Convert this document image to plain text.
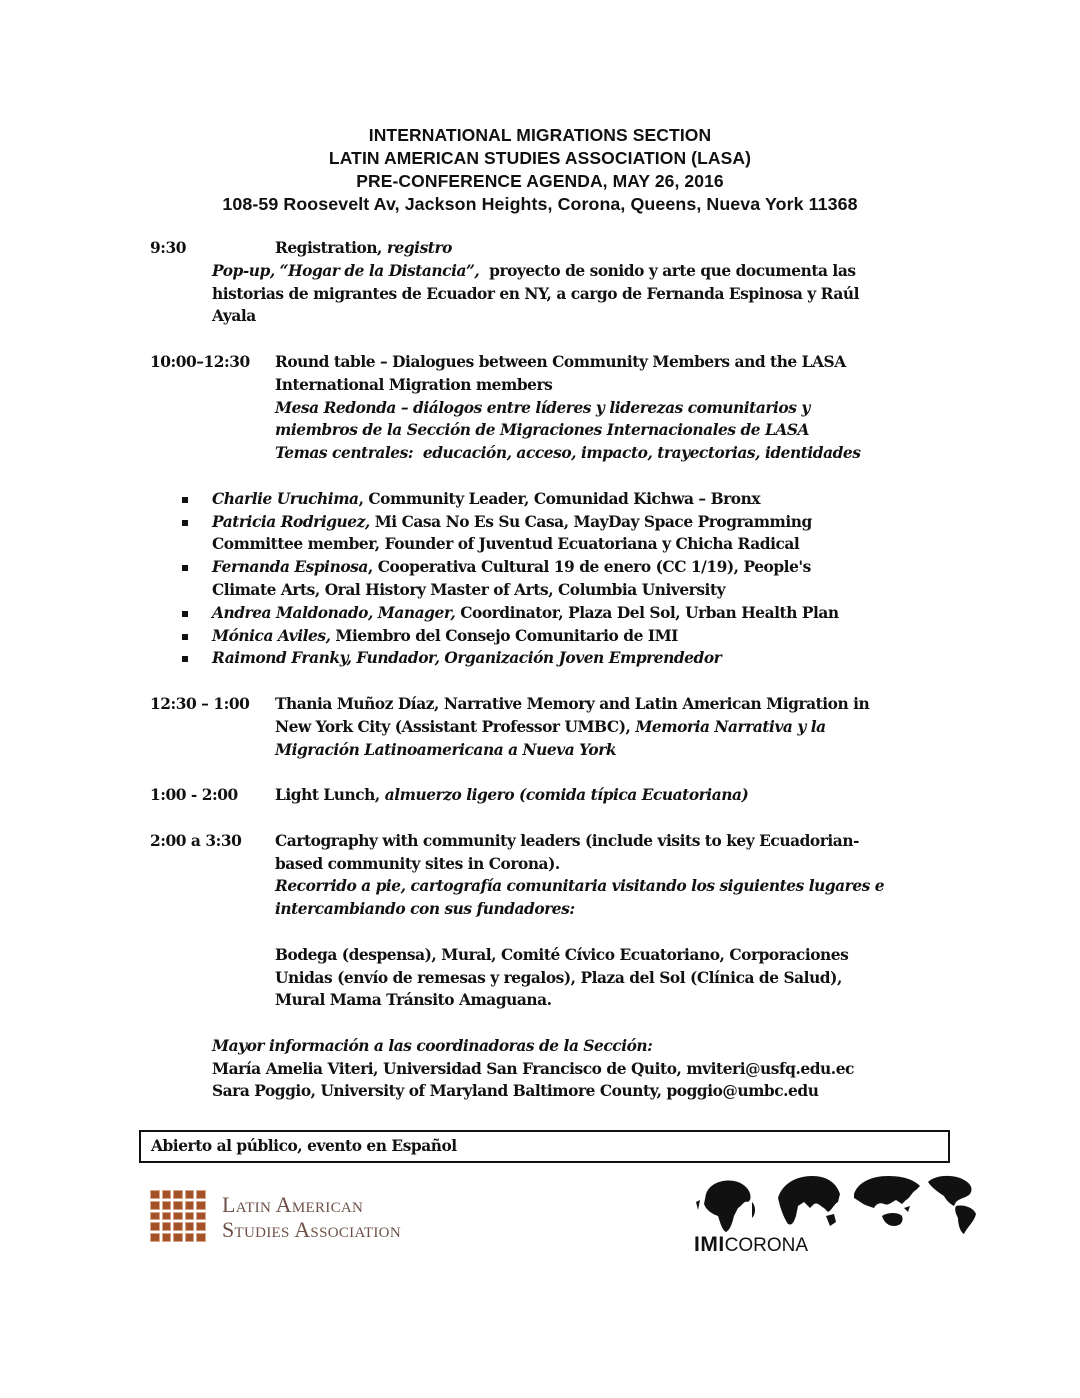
INTERNATIONAL MIGRATIONS SECTION
LATIN AMERICAN STUDIES ASSOCIATION (LASA)
PRE-CONFERENCE AGENDA, MAY 26, 2016
108-59 Roosevelt Av, Jackson Heights, Corona, Queens, Nueva York 11368
9:30	Registration, registro
Pop-up, “Hogar de la Distancia”,  proyecto de sonido y arte que documenta las
historias de migrantes de Ecuador en NY, a cargo de Fernanda Espinosa y Raúl
Ayala
10:00–12:30 Round table – Dialogues between Community Members and the LASA
International Migration members
Mesa Redonda – diálogos entre líderes y liderezas comunitarios y
miembros de la Sección de Migraciones Internacionales de LASA
Temas centrales:  educación, acceso, impacto, trayectorias, identidades
Charlie Uruchima, Community Leader, Comunidad Kichwa – Bronx
Patricia Rodriguez, Mi Casa No Es Su Casa, MayDay Space Programming
Committee member, Founder of Juventud Ecuatoriana y Chicha Radical
Fernanda Espinosa, Cooperativa Cultural 19 de enero (CC 1/19), People's
Climate Arts, Oral History Master of Arts, Columbia University
Andrea Maldonado, Manager, Coordinator, Plaza Del Sol, Urban Health Plan
Mónica Aviles, Miembro del Consejo Comunitario de IMI
Raimond Franky, Fundador, Organización Joven Emprendedor
12:30 – 1:00 Thania Muñoz Díaz, Narrative Memory and Latin American Migration in
New York City (Assistant Professor UMBC), Memoria Narrativa y la
Migración Latinoamericana a Nueva York
1:00 - 2:00 Light Lunch, almuerzo ligero (comida típica Ecuatoriana)
2:00 a 3:30 Cartography with community leaders (include visits to key Ecuadorian-
based community sites in Corona).
Recorrido a pie, cartografía comunitaria visitando los siguientes lugares e
intercambiando con sus fundadores:

Bodega (despensa), Mural, Comité Cívico Ecuatoriano, Corporaciones
Unidas (envío de remesas y regalos), Plaza del Sol (Clínica de Salud),
Mural Mama Tránsito Amaguana.
Mayor información a las coordinadoras de la Sección:
María Amelia Viteri, Universidad San Francisco de Quito, mviteri@usfq.edu.ec
Sara Poggio, University of Maryland Baltimore County, poggio@umbc.edu
Abierto al público, evento en Español
Latin American
Studies Association
IMICORONA
